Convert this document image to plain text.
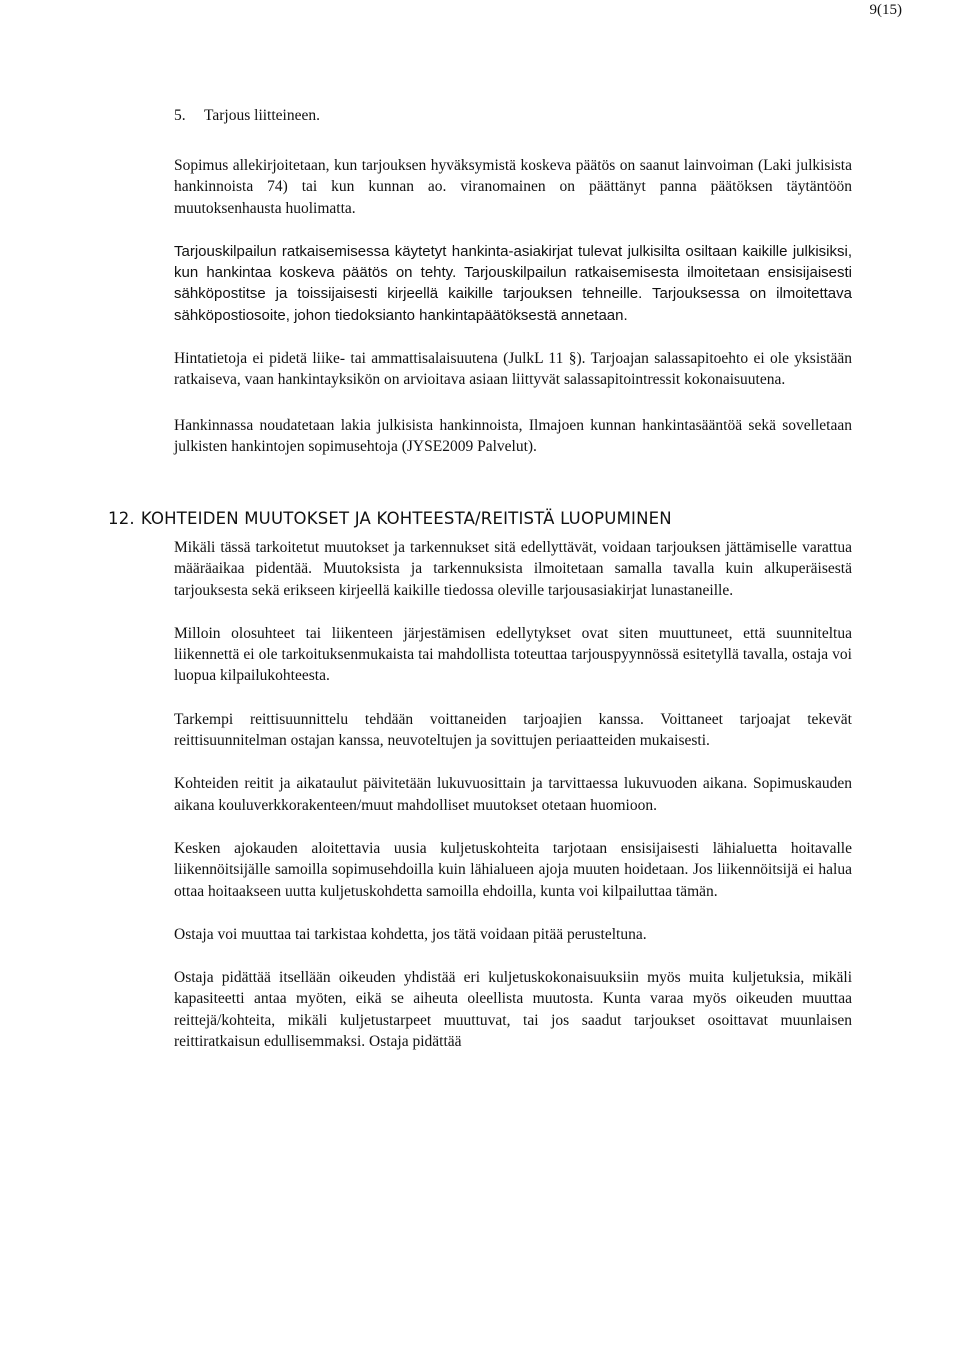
9(15)
5. Tarjous liitteineen.

Sopimus allekirjoitetaan, kun tarjouksen hyväksymistä koskeva päätös on saanut lainvoiman (Laki julkisista hankinnoista 74) tai kun kunnan ao. viranomainen on päättänyt panna päätöksen täytäntöön muutoksenhausta huolimatta.

Tarjouskilpailun ratkaisemisessa käytetyt hankinta-asiakirjat tulevat julkisilta osiltaan kaikille julkisiksi, kun hankintaa koskeva päätös on tehty. Tarjouskilpailun ratkaisemisesta ilmoitetaan ensisijaisesti sähköpostitse ja toissijaisesti kirjeellä kaikille tarjouksen tehneille. Tarjouksessa on ilmoitettava sähköpostiosoite, johon tiedoksianto hankintapäätöksestä annetaan.

Hintatietoja ei pidetä liike- tai ammattisalaisuutena (JulkL 11 §). Tarjoajan salassapitoehto ei ole yksistään ratkaiseva, vaan hankintayksikön on arvioitava asiaan liittyvät salassapitointressit kokonaisuutena.

Hankinnassa noudatetaan lakia julkisista hankinnoista, Ilmajoen kunnan hankintasääntöä sekä sovelletaan julkisten hankintojen sopimusehtoja (JYSE2009 Palvelut).

12. KOHTEIDEN MUUTOKSET JA KOHTEESTA/REITISTÄ LUOPUMINEN

Mikäli tässä tarkoitetut muutokset ja tarkennukset sitä edellyttävät, voidaan tarjouksen jättämiselle varattua määräaikaa pidentää. Muutoksista ja tarkennuksista ilmoitetaan samalla tavalla kuin alkuperäisestä tarjouksesta sekä erikseen kirjeellä kaikille tiedossa oleville tarjousasiakirjat lunastaneille.

Milloin olosuhteet tai liikenteen järjestämisen edellytykset ovat siten muuttuneet, että suunniteltua liikennettä ei ole tarkoituksenmukaista tai mahdollista toteuttaa tarjouspyynnössä esitetyllä tavalla, ostaja voi luopua kilpailukohteesta.

Tarkempi reittisuunnittelu tehdään voittaneiden tarjoajien kanssa. Voittaneet tarjoajat tekevät reittisuunnitelman ostajan kanssa, neuvoteltujen ja sovittujen periaatteiden mukaisesti.

Kohteiden reitit ja aikataulut päivitetään lukuvuosittain ja tarvittaessa lukuvuoden aikana. Sopimuskauden aikana kouluverkkorakenteen/muut mahdolliset muutokset otetaan huomioon.

Kesken ajokauden aloitettavia uusia kuljetuskohteita tarjotaan ensisijaisesti lähialuetta hoitavalle liikennöitsijälle samoilla sopimusehdoilla kuin lähialueen ajoja muuten hoidetaan. Jos liikennöitsijä ei halua ottaa hoitaakseen uutta kuljetuskohdetta samoilla ehdoilla, kunta voi kilpailuttaa tämän.

Ostaja voi muuttaa tai tarkistaa kohdetta, jos tätä voidaan pitää perusteltuna.

Ostaja pidättää itsellään oikeuden yhdistää eri kuljetuskokonaisuuksiin myös muita kuljetuksia, mikäli kapasiteetti antaa myöten, eikä se aiheuta oleellista muutosta. Kunta varaa myös oikeuden muuttaa reittejä/kohteita, mikäli kuljetustarpeet muuttuvat, tai jos saadut tarjoukset osoittavat muunlaisen reittiratkaisun edullisemmaksi. Ostaja pidättää
